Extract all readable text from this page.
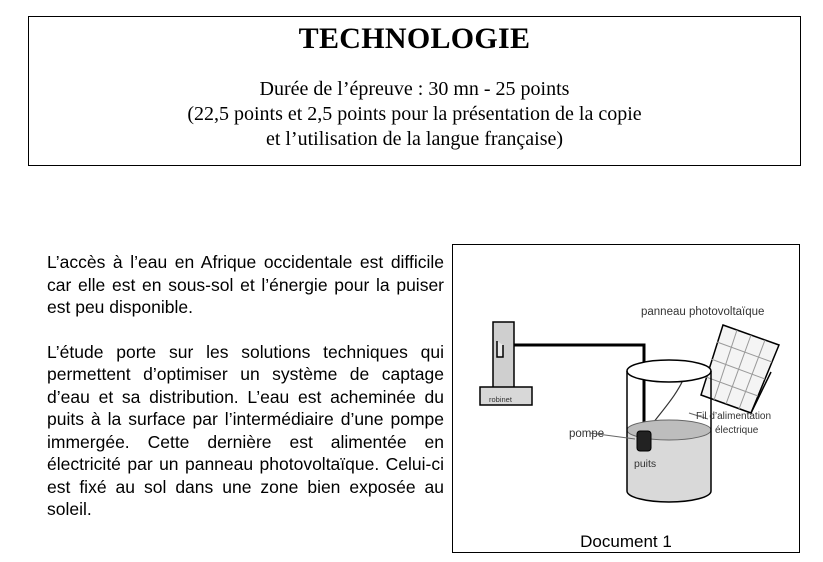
TECHNOLOGIE
Durée de l’épreuve : 30 mn - 25 points
(22,5 points et 2,5 points pour la présentation de la copie
et l’utilisation de la langue française)

L’accès à l’eau en Afrique occidentale est difficile car elle est en sous-sol et l’énergie pour la puiser est peu disponible.

L’étude porte sur les solutions techniques qui permettent d’optimiser un système de captage d’eau et sa distribution. L’eau est acheminée du puits à la surface par l’intermédiaire d’une pompe immergée. Cette dernière est alimentée en électricité par un panneau photovoltaïque. Celui-ci est fixé au sol dans une zone bien exposée au soleil.

panneau photovoltaïque
robinet
pompe
puits
Fil d’alimentation
électrique
Document 1
